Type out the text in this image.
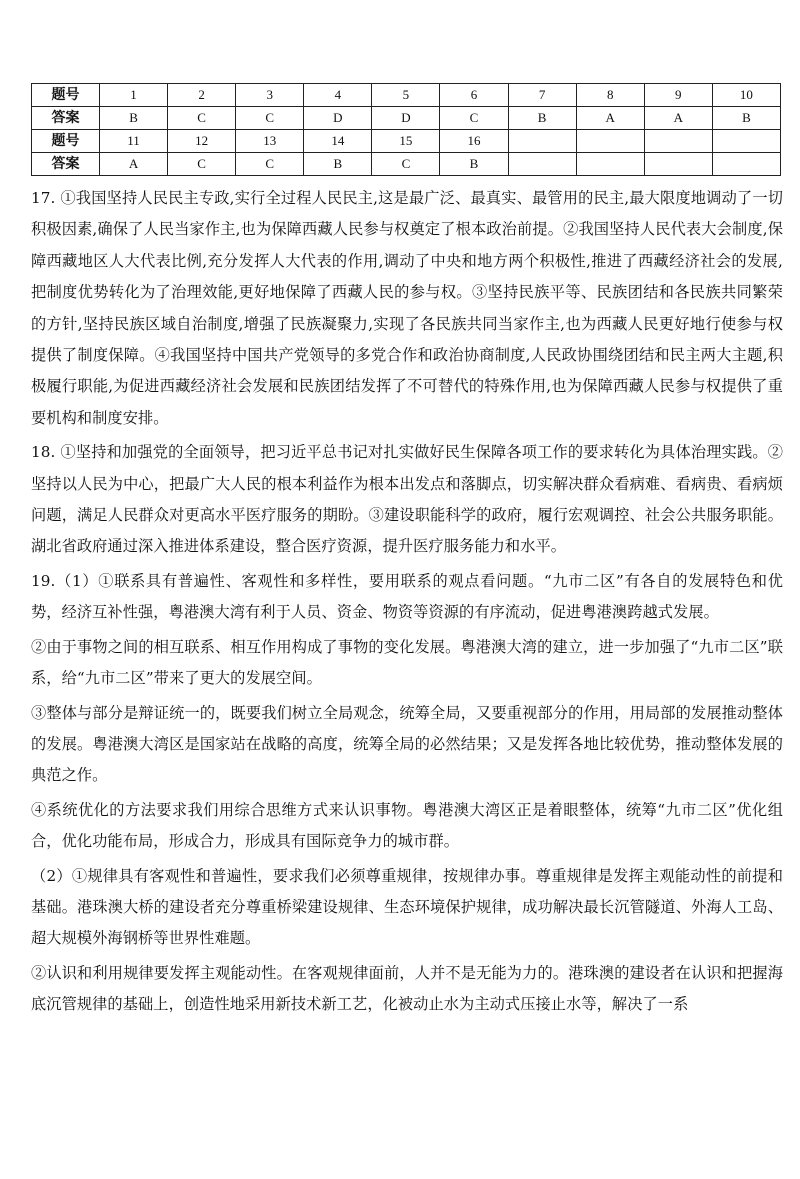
题号	1	2	3	4	5	6	7	8	9	10
答案	B	C	C	D	D	C	B	A	A	B
题号	11	12	13	14	15	16				
答案	A	C	C	B	C	B				

17. ①我国坚持人民民主专政,实行全过程人民民主,这是最广泛、最真实、最管用的民主,最大限度地调动了一切积极因素,确保了人民当家作主,也为保障西藏人民参与权奠定了根本政治前提。②我国坚持人民代表大会制度,保障西藏地区人大代表比例,充分发挥人大代表的作用,调动了中央和地方两个积极性,推进了西藏经济社会的发展,把制度优势转化为了治理效能,更好地保障了西藏人民的参与权。③坚持民族平等、民族团结和各民族共同繁荣的方针,坚持民族区域自治制度,增强了民族凝聚力,实现了各民族共同当家作主,也为西藏人民更好地行使参与权提供了制度保障。④我国坚持中国共产党领导的多党合作和政治协商制度,人民政协围绕团结和民主两大主题,积极履行职能,为促进西藏经济社会发展和民族团结发挥了不可替代的特殊作用,也为保障西藏人民参与权提供了重要机构和制度安排。

18. ①坚持和加强党的全面领导，把习近平总书记对扎实做好民生保障各项工作的要求转化为具体治理实践。②坚持以人民为中心，把最广大人民的根本利益作为根本出发点和落脚点，切实解决群众看病难、看病贵、看病烦问题，满足人民群众对更高水平医疗服务的期盼。③建设职能科学的政府，履行宏观调控、社会公共服务职能。湖北省政府通过深入推进体系建设，整合医疗资源，提升医疗服务能力和水平。

19.（1）①联系具有普遍性、客观性和多样性，要用联系的观点看问题。“九市二区”有各自的发展特色和优势，经济互补性强，粤港澳大湾有利于人员、资金、物资等资源的有序流动，促进粤港澳跨越式发展。

②由于事物之间的相互联系、相互作用构成了事物的变化发展。粤港澳大湾的建立，进一步加强了“九市二区”联系，给“九市二区”带来了更大的发展空间。

③整体与部分是辩证统一的，既要我们树立全局观念，统筹全局，又要重视部分的作用，用局部的发展推动整体的发展。粤港澳大湾区是国家站在战略的高度，统筹全局的必然结果；又是发挥各地比较优势，推动整体发展的典范之作。

④系统优化的方法要求我们用综合思维方式来认识事物。粤港澳大湾区正是着眼整体，统筹“九市二区”优化组合，优化功能布局，形成合力，形成具有国际竞争力的城市群。

（2）①规律具有客观性和普遍性，要求我们必须尊重规律，按规律办事。尊重规律是发挥主观能动性的前提和基础。港珠澳大桥的建设者充分尊重桥梁建设规律、生态环境保护规律，成功解决最长沉管隧道、外海人工岛、超大规模外海钢桥等世界性难题。

②认识和利用规律要发挥主观能动性。在客观规律面前，人并不是无能为力的。港珠澳的建设者在认识和把握海底沉管规律的基础上，创造性地采用新技术新工艺，化被动止水为主动式压接止水等，解决了一系
